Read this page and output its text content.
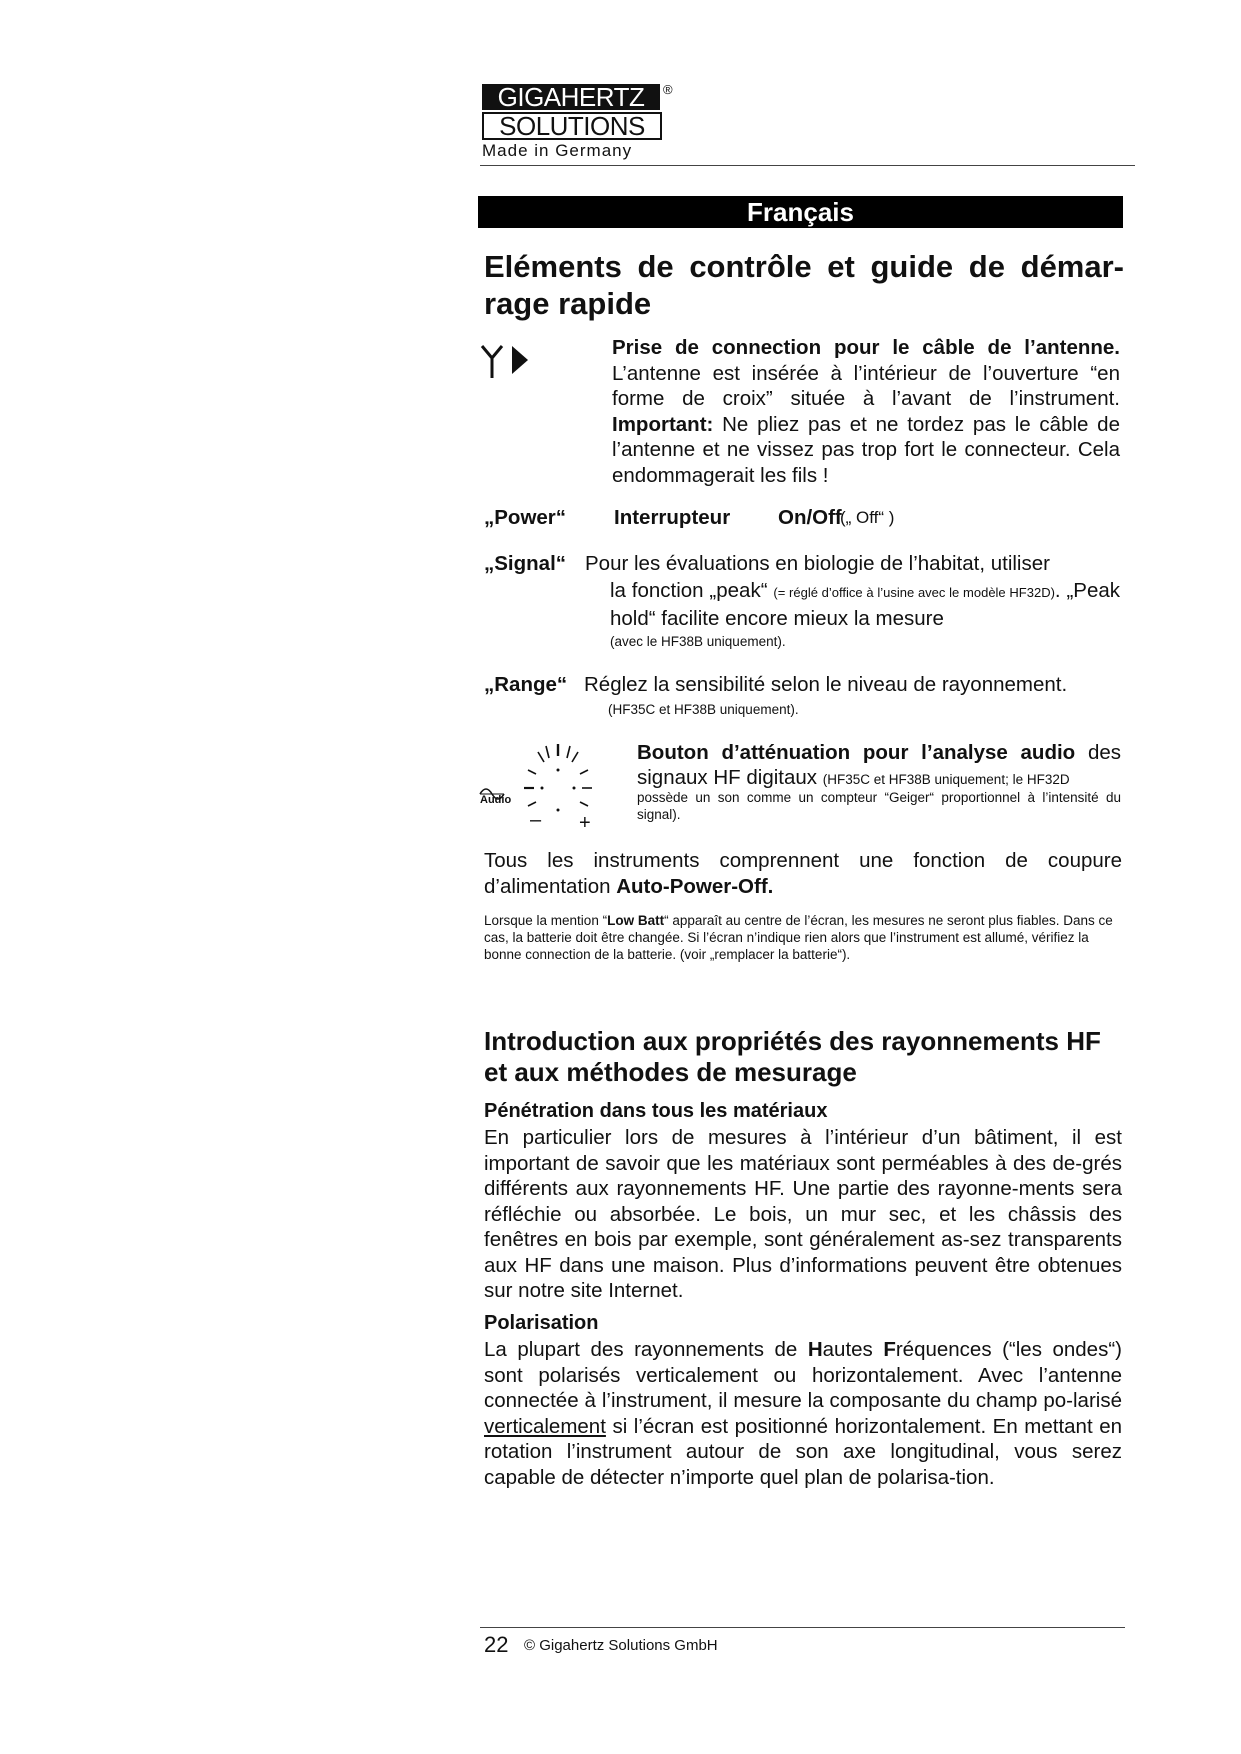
GIGAHERTZ
SOLUTIONS
®
Made in Germany
Français
Eléments de contrôle et guide de démar-rage rapide
Prise de connection pour le câble de l’antenne. L’antenne est insérée à l’intérieur de l’ouverture “en forme de croix” située à l’avant de l’instrument. Important: Ne pliez pas et ne tordez pas le câble de l’antenne et ne vissez pas trop fort le connecteur. Cela endommagerait les fils !
„Power“ Interrupteur On/Off
(„ Off“ )
„Signal“ Pour les évaluations en biologie de l’habitat, utiliser
la fonction „peak“ (= réglé d’office à l’usine avec le modèle HF32D). „Peak hold“ facilite encore mieux la mesure
(avec le HF38B uniquement).
„Range“ Réglez la sensibilité selon le niveau de rayonnement.
(HF35C et HF38B uniquement).
– +
Audio
Bouton d’atténuation pour l’analyse audio des signaux HF digitaux (HF35C et HF38B uniquement; le HF32D
possède un son comme un compteur “Geiger“ proportionnel à l’intensité du signal).
Tous les instruments comprennent une fonction de coupure d’alimentation Auto-Power-Off.
Lorsque la mention “Low Batt“ apparaît au centre de l’écran, les mesures ne seront plus fiables. Dans ce cas, la batterie doit être changée. Si l’écran n’indique rien alors que l’instrument est allumé, vérifiez la bonne connection de la batterie. (voir „remplacer la batterie“).
Introduction aux propriétés des rayonnements HF et aux méthodes de mesurage
Pénétration dans tous les matériaux
En particulier lors de mesures à l’intérieur d’un bâtiment, il est important de savoir que les matériaux sont perméables à des de-grés différents aux rayonnements HF. Une partie des rayonne-ments sera réfléchie ou absorbée. Le bois, un mur sec, et les châssis des fenêtres en bois par exemple, sont généralement as-sez transparents aux HF dans une maison. Plus d’informations peuvent être obtenues sur notre site Internet.
Polarisation
La plupart des rayonnements de Hautes Fréquences (“les ondes“) sont polarisés verticalement ou horizontalement. Avec l’antenne connectée à l’instrument, il mesure la composante du champ po-larisé verticalement si l’écran est positionné horizontalement. En mettant en rotation l’instrument autour de son axe longitudinal, vous serez capable de détecter n’importe quel plan de polarisa-tion.
22 © Gigahertz Solutions GmbH
